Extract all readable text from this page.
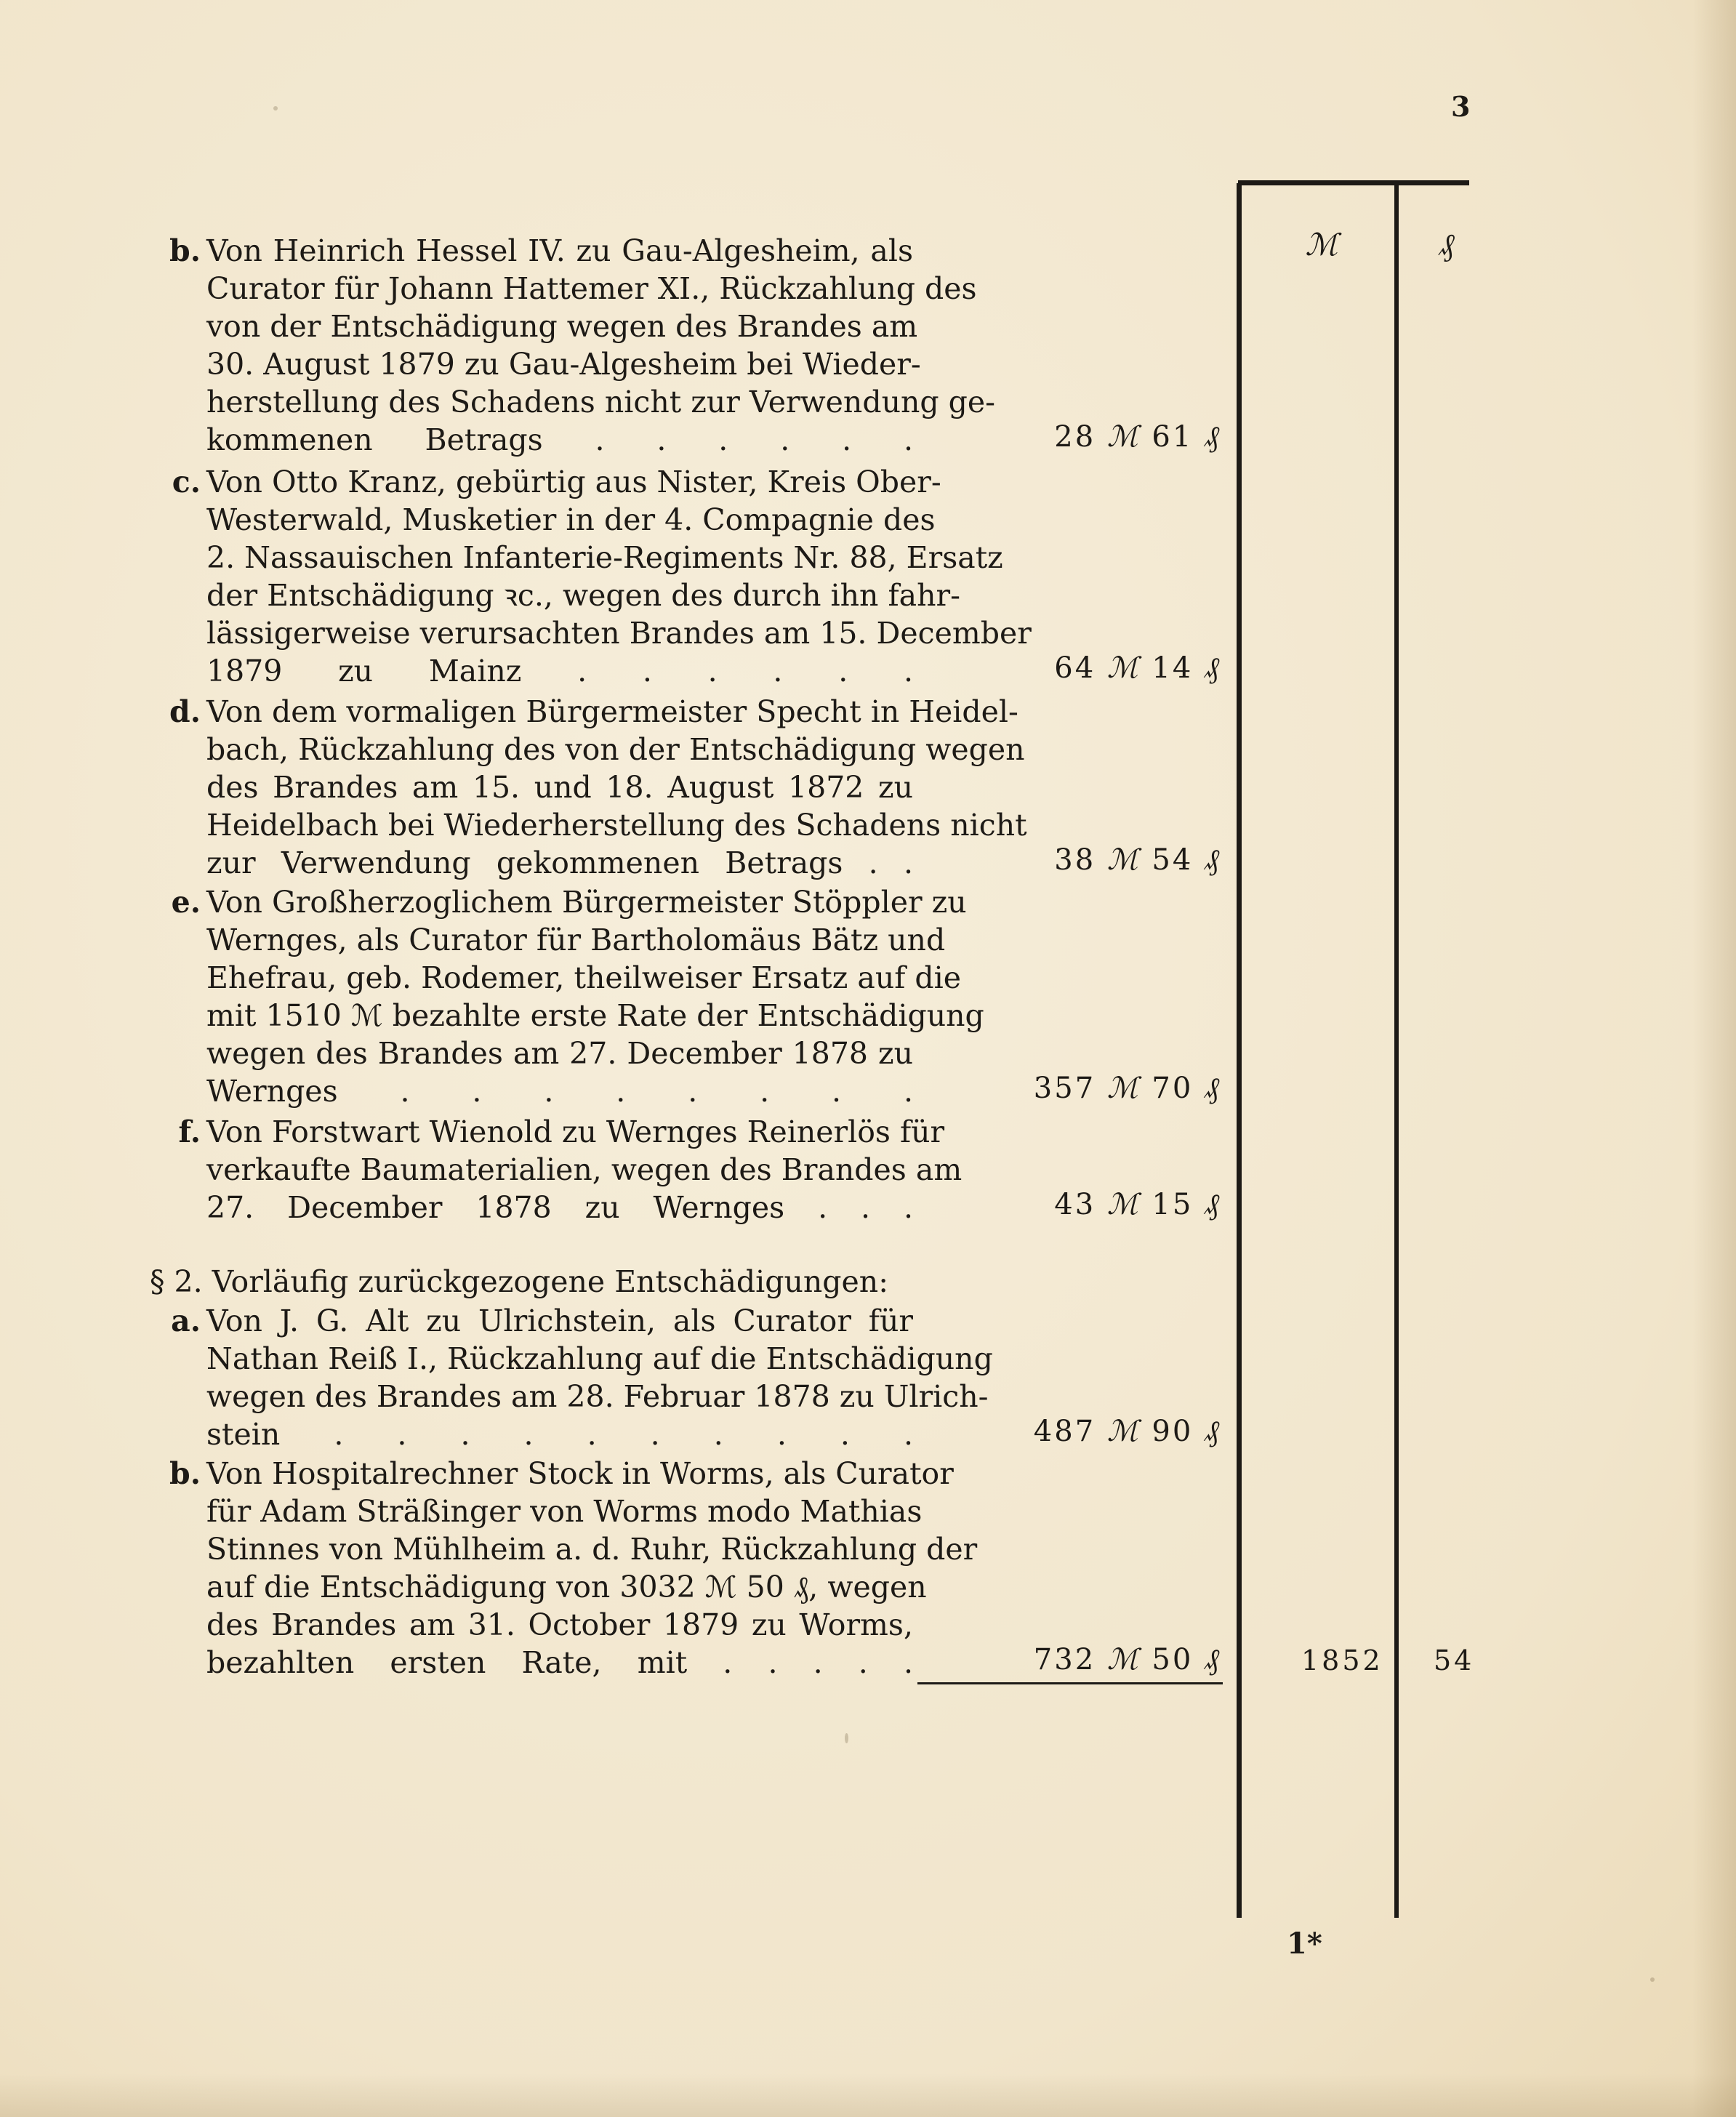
3
ℳ	₰
b. Von Heinrich Hessel IV. zu Gau-Algesheim, als
Curator für Johann Hattemer XI., Rückzahlung des
von der Entschädigung wegen des Brandes am
30. August 1879 zu Gau-Algesheim bei Wieder-
herstellung des Schadens nicht zur Verwendung ge-
kommenen Betrags . . . . . .	28 ℳ 61 ₰
c. Von Otto Kranz, gebürtig aus Nister, Kreis Ober-
Westerwald, Musketier in der 4. Compagnie des
2. Nassauischen Infanterie-Regiments Nr. 88, Ersatz
der Entschädigung ꝛc., wegen des durch ihn fahr-
lässigerweise verursachten Brandes am 15. December
1879 zu Mainz . . . . . .	64 ℳ 14 ₰
d. Von dem vormaligen Bürgermeister Specht in Heidel-
bach, Rückzahlung des von der Entschädigung wegen
des Brandes am 15. und 18. August 1872 zu
Heidelbach bei Wiederherstellung des Schadens nicht
zur Verwendung gekommenen Betrags . .	38 ℳ 54 ₰
e. Von Großherzoglichem Bürgermeister Stöppler zu
Wernges, als Curator für Bartholomäus Bätz und
Ehefrau, geb. Rodemer, theilweiser Ersatz auf die
mit 1510 ℳ bezahlte erste Rate der Entschädigung
wegen des Brandes am 27. December 1878 zu
Wernges . . . . . . . .	357 ℳ 70 ₰
f. Von Forstwart Wienold zu Wernges Reinerlös für
verkaufte Baumaterialien, wegen des Brandes am
27. December 1878 zu Wernges . . .	43 ℳ 15 ₰
§ 2. Vorläufig zurückgezogene Entschädigungen:
a. Von J. G. Alt zu Ulrichstein, als Curator für
Nathan Reiß I., Rückzahlung auf die Entschädigung
wegen des Brandes am 28. Februar 1878 zu Ulrich-
stein . . . . . . . . . .	487 ℳ 90 ₰
b. Von Hospitalrechner Stock in Worms, als Curator
für Adam Sträßinger von Worms modo Mathias
Stinnes von Mühlheim a. d. Ruhr, Rückzahlung der
auf die Entschädigung von 3032 ℳ 50 ₰, wegen
des Brandes am 31. October 1879 zu Worms,
bezahlten ersten Rate, mit . . . . .	732 ℳ 50 ₰	1852 54
1*
